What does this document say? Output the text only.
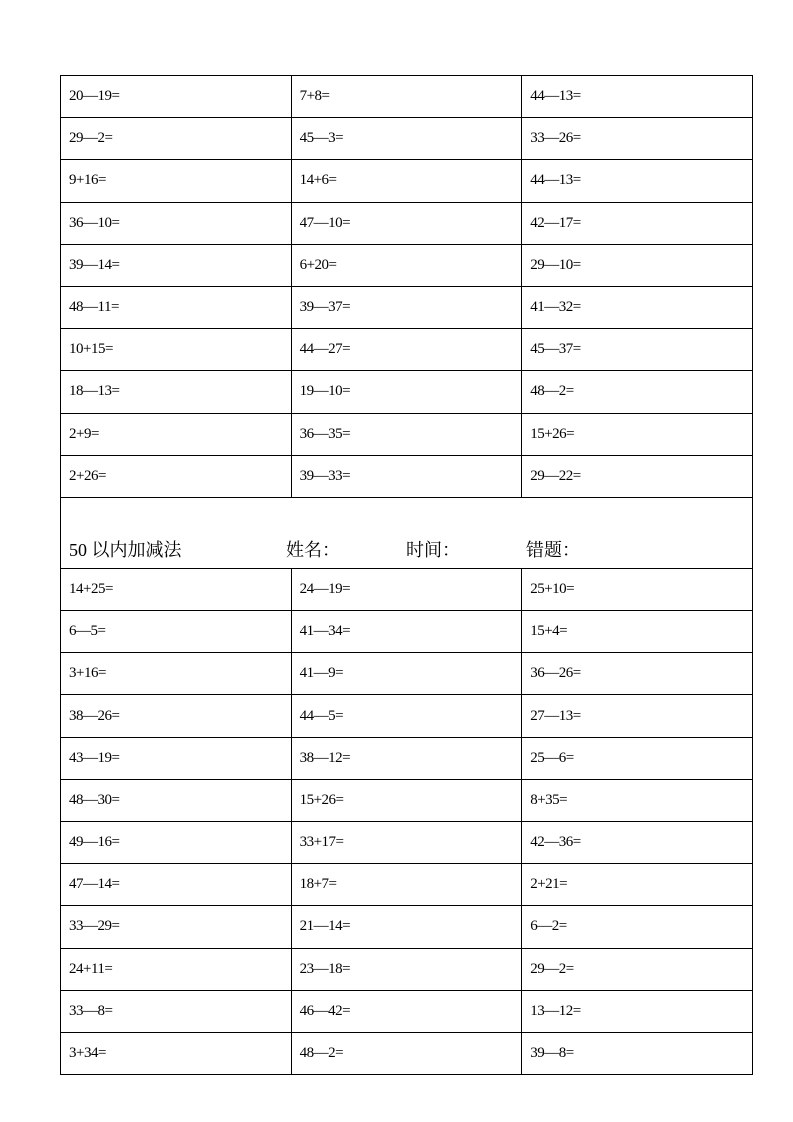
20—19=	7+8=	44—13=
29—2=	45—3=	33—26=
9+16=	14+6=	44—13=
36—10=	47—10=	42—17=
39—14=	6+20=	29—10=
48—11=	39—37=	41—32=
10+15=	44—27=	45—37=
18—13=	19—10=	48—2=
2+9=	36—35=	15+26=
2+26=	39—33=	29—22=

50 以内加减法 姓名： 时间： 错题：		

14+25=	24—19=	25+10=
6—5=	41—34=	15+4=
3+16=	41—9=	36—26=
38—26=	44—5=	27—13=
43—19=	38—12=	25—6=
48—30=	15+26=	8+35=
49—16=	33+17=	42—36=
47—14=	18+7=	2+21=
33—29=	21—14=	6—2=
24+11=	23—18=	29—2=
33—8=	46—42=	13—12=
3+34=	48—2=	39—8=
